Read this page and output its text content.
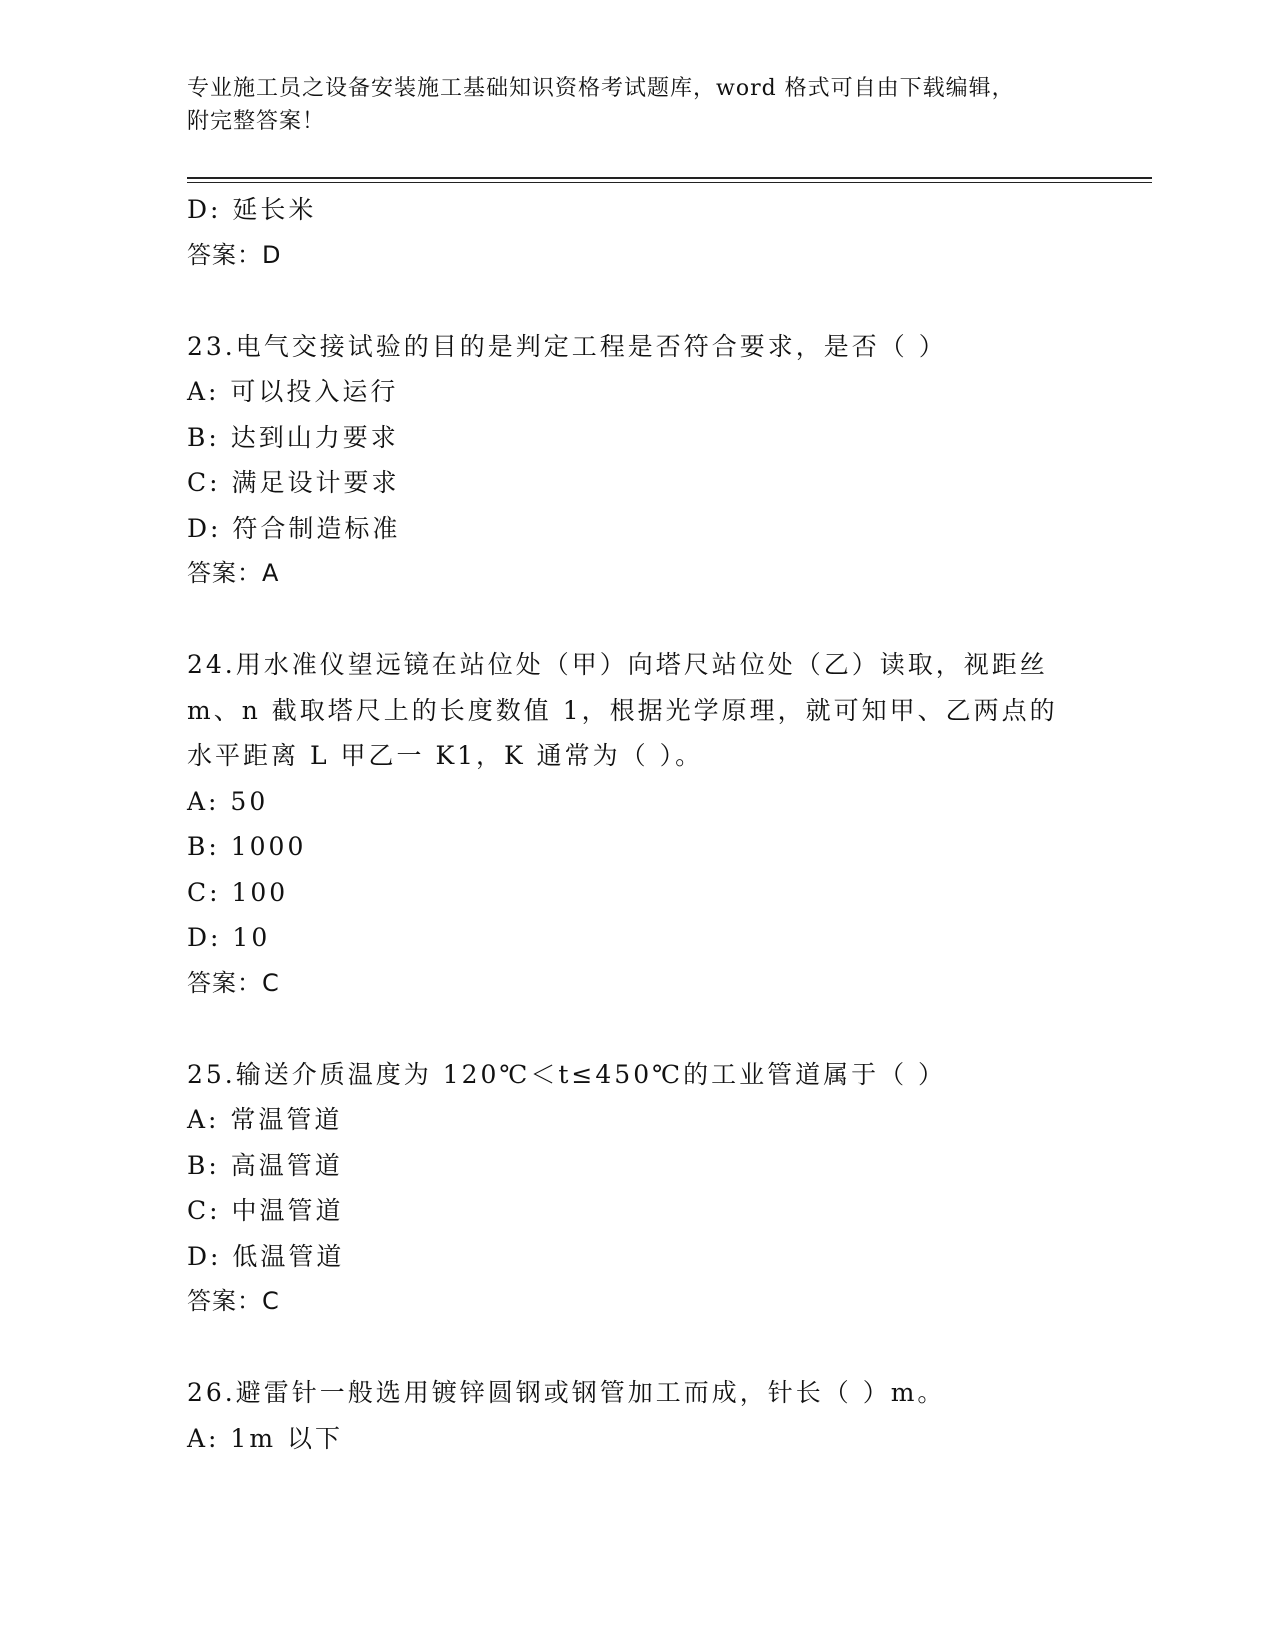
专业施工员之设备安装施工基础知识资格考试题库，word 格式可自由下载编辑，
附完整答案！
D: 延长米
答案：D
23.电气交接试验的目的是判定工程是否符合要求，是否（ ）
A: 可以投入运行
B: 达到山力要求
C: 满足设计要求
D: 符合制造标准
答案：A
24.用水准仪望远镜在站位处（甲）向塔尺站位处（乙）读取，视距丝
m、n 截取塔尺上的长度数值 1，根据光学原理，就可知甲、乙两点的
水平距离 L 甲乙一 K1，K 通常为（ ）。
A: 50
B: 1000
C: 100
D: 10
答案：C
25.输送介质温度为 120℃＜t≤450℃的工业管道属于（ ）
A: 常温管道
B: 高温管道
C: 中温管道
D: 低温管道
答案：C
26.避雷针一般选用镀锌圆钢或钢管加工而成，针长（ ）m。
A: 1m 以下
